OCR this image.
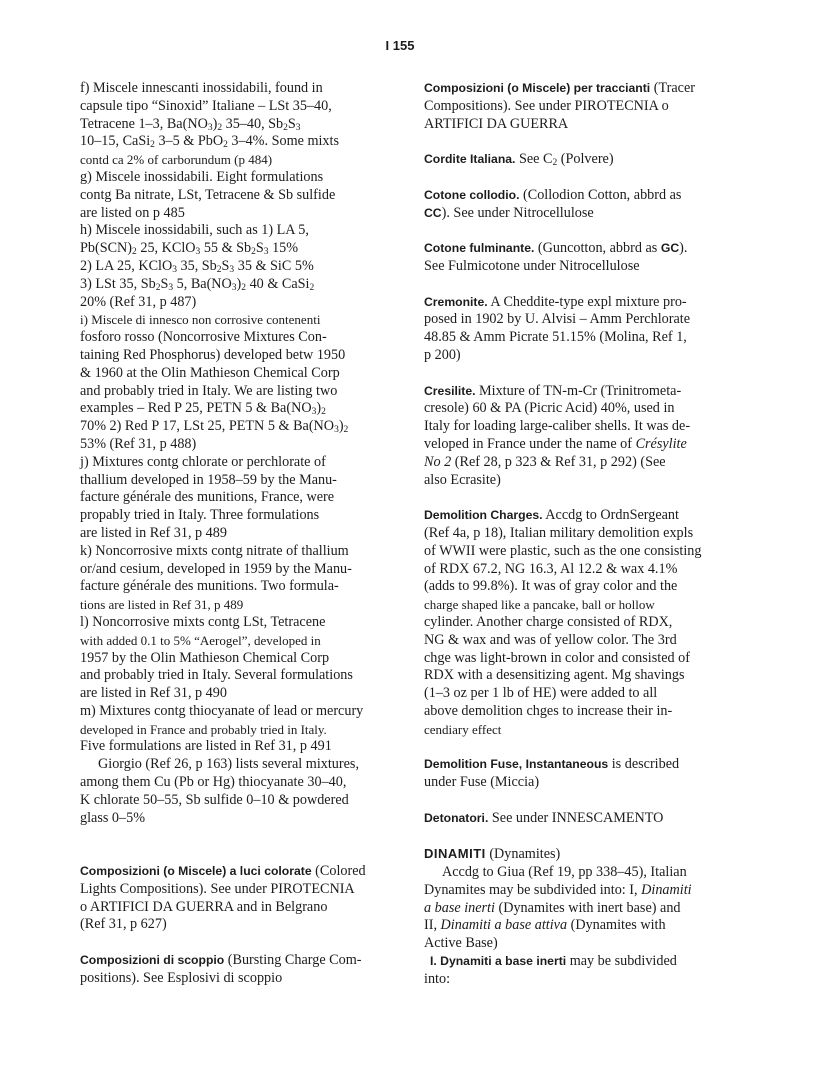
I 155

f) Miscele innescanti inossidabili, found in

capsule tipo “Sinoxid” Italiane – LSt 35–40,

Tetracene 1–3, $Ba(NO_3)_2$ 35–40, $Sb_2S_3$

10–15, CaSi$_2$ 3–5 & PbO$_2$ 3–4%. Some mixts

contd ca 2% of carborundum (p 484)

g) Miscele inossidabili. Eight formulations

contg Ba nitrate, LSt, Tetracene & Sb sulfide

are listed on p 485

h) Miscele inossidabili, such as 1) LA 5,

$Pb(SCN)_2$ 25, KClO$_3$ 55 & $Sb_2S_3$ 15%

2) LA 25, KClO$_3$ 35, $Sb_2S_3$ 35 & SiC 5%

3) LSt 35, $Sb_2S_3$ 5, $Ba(NO_3)_2$ 40 & CaSi$_2$

20% (Ref 31, p 487)

i) Miscele di innesco non corrosive contenenti

fosforo rosso (Noncorrosive Mixtures Con-

taining Red Phosphorus) developed betw 1950

& 1960 at the Olin Mathieson Chemical Corp

and probably tried in Italy. We are listing two

examples – Red P 25, PETN 5 & $Ba(NO_3)_2$

70% 2) Red P 17, LSt 25, PETN 5 & $Ba(NO_3)_2$

53% (Ref 31, p 488)

j) Mixtures contg chlorate or perchlorate of

thallium developed in 1958–59 by the Manu-

facture générale des munitions, France, were

propably tried in Italy. Three formulations

are listed in Ref 31, p 489

k) Noncorrosive mixts contg nitrate of thallium

or/and cesium, developed in 1959 by the Manu-

facture générale des munitions. Two formula-

tions are listed in Ref 31, p 489

l) Noncorrosive mixts contg LSt, Tetracene

with added 0.1 to 5% “Aerogel”, developed in

1957 by the Olin Mathieson Chemical Corp

and probably tried in Italy. Several formulations

are listed in Ref 31, p 490

m) Mixtures contg thiocyanate of lead or mercury

developed in France and probably tried in Italy.

Five formulations are listed in Ref 31, p 491

Giorgio (Ref 26, p 163) lists several mixtures,

among them Cu (Pb or Hg) thiocyanate 30–40,

K chlorate 50–55, Sb sulfide 0–10 & powdered

glass 0–5%

Composizioni (o Miscele) a luci colorate (Colored

Lights Compositions). See under PIROTECNIA

o ARTIFICI DA GUERRA and in Belgrano

(Ref 31, p 627)

Composizioni di scoppio (Bursting Charge Com-

positions). See Esplosivi di scoppio

Composizioni (o Miscele) per traccianti (Tracer

Compositions). See under PIROTECNIA o

ARTIFICI DA GUERRA

Cordite Italiana. See $C_2$ (Polvere)

Cotone collodio. (Collodion Cotton, abbrd as

CC). See under Nitrocellulose

Cotone fulminante. (Guncotton, abbrd as GC).

See Fulmicotone under Nitrocellulose

Cremonite. A Cheddite-type expl mixture pro-

posed in 1902 by U. Alvisi – Amm Perchlorate

48.85 & Amm Picrate 51.15% (Molina, Ref 1,

p 200)

Cresilite. Mixture of TN-m-Cr (Trinitrometa-

cresole) 60 & PA (Picric Acid) 40%, used in

Italy for loading large-caliber shells. It was de-

veloped in France under the name of Crésylite

No 2 (Ref 28, p 323 & Ref 31, p 292) (See

also Ecrasite)

Demolition Charges. Accdg to OrdnSergeant

(Ref 4a, p 18), Italian military demolition expls

of WWII were plastic, such as the one consisting

of RDX 67.2, NG 16.3, Al 12.2 & wax 4.1%

(adds to 99.8%). It was of gray color and the

charge shaped like a pancake, ball or hollow

cylinder. Another charge consisted of RDX,

NG & wax and was of yellow color. The 3rd

chge was light-brown in color and consisted of

RDX with a desensitizing agent. Mg shavings

(1–3 oz per 1 lb of HE) were added to all

above demolition chges to increase their in-

cendiary effect

Demolition Fuse, Instantaneous is described

under Fuse (Miccia)

Detonatori. See under INNESCAMENTO

DINAMITI (Dynamites)

Accdg to Giua (Ref 19, pp 338–45), Italian

Dynamites may be subdivided into: I, Dinamiti

a base inerti (Dynamites with inert base) and

II, Dinamiti a base attiva (Dynamites with

Active Base)

I. Dynamiti a base inerti may be subdivided

into:
